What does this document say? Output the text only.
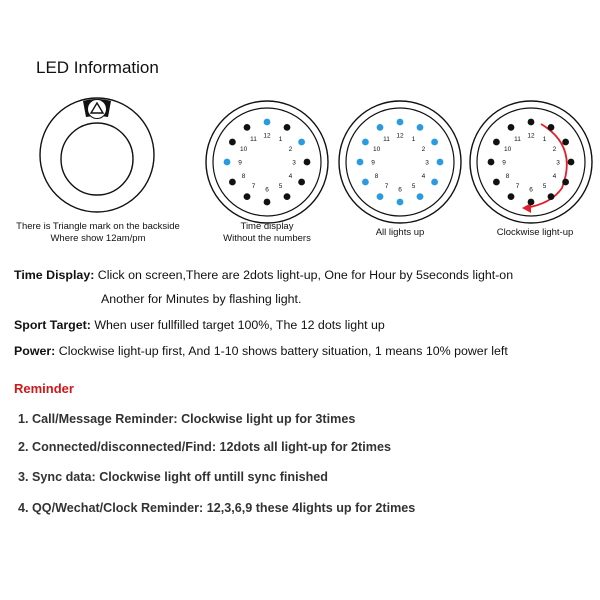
LED Information
12
1
2
3
4
5
6
7
8
9
10
11
12
1
2
3
4
5
6
7
8
9
10
11
12
1
2
3
4
5
6
7
8
9
10
11
There is Triangle mark on the backside
Where show 12am/pm
Time display
Without the numbers
All lights up	Clockwise light-up
Time Display: Click on screen,There are 2dots light-up, One for Hour by 5seconds light-on
Another for Minutes by flashing light.
Sport Target: When user fullfilled target 100%, The 12 dots light up
Power: Clockwise light-up first, And 1-10 shows battery situation, 1 means 10% power left
Reminder
1. Call/Message Reminder: Clockwise light up for 3times
2. Connected/disconnected/Find: 12dots all light-up for 2times
3. Sync data: Clockwise light off untill sync finished
4. QQ/Wechat/Clock Reminder: 12,3,6,9 these 4lights up for 2times
